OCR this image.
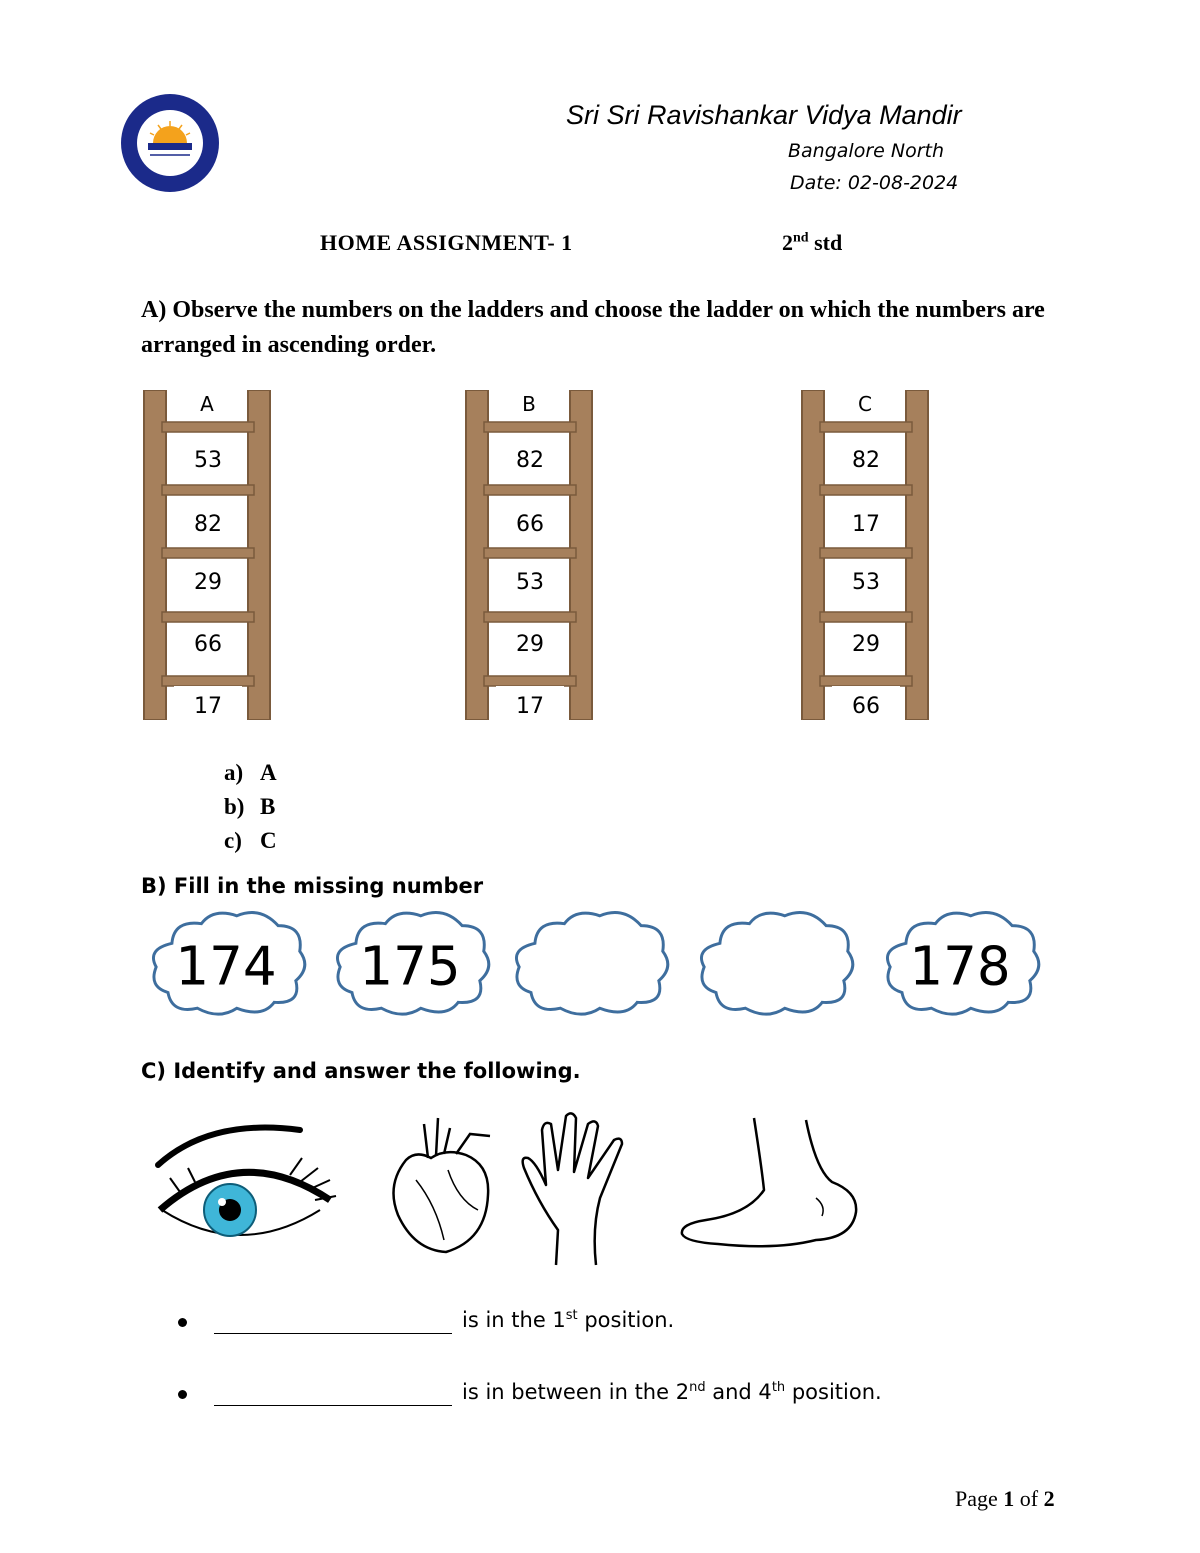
Sri Sri Ravishankar Vidya Mandir
Bangalore North
Date: 02-08-2024
HOME ASSIGNMENT- 1	2nd std
A) Observe the numbers on the ladders and choose the ladder on which the numbers are arranged in ascending order.
A
53
82
29
66
17
B
82
66
53
29
17
C
82
17
53
29
66
a) A
b) B
c) C
B) Fill in the missing number
174 175	178
C) Identify and answer the following.
is in the 1st position.
is in between in the 2nd and 4th position.
Page 1 of 2
